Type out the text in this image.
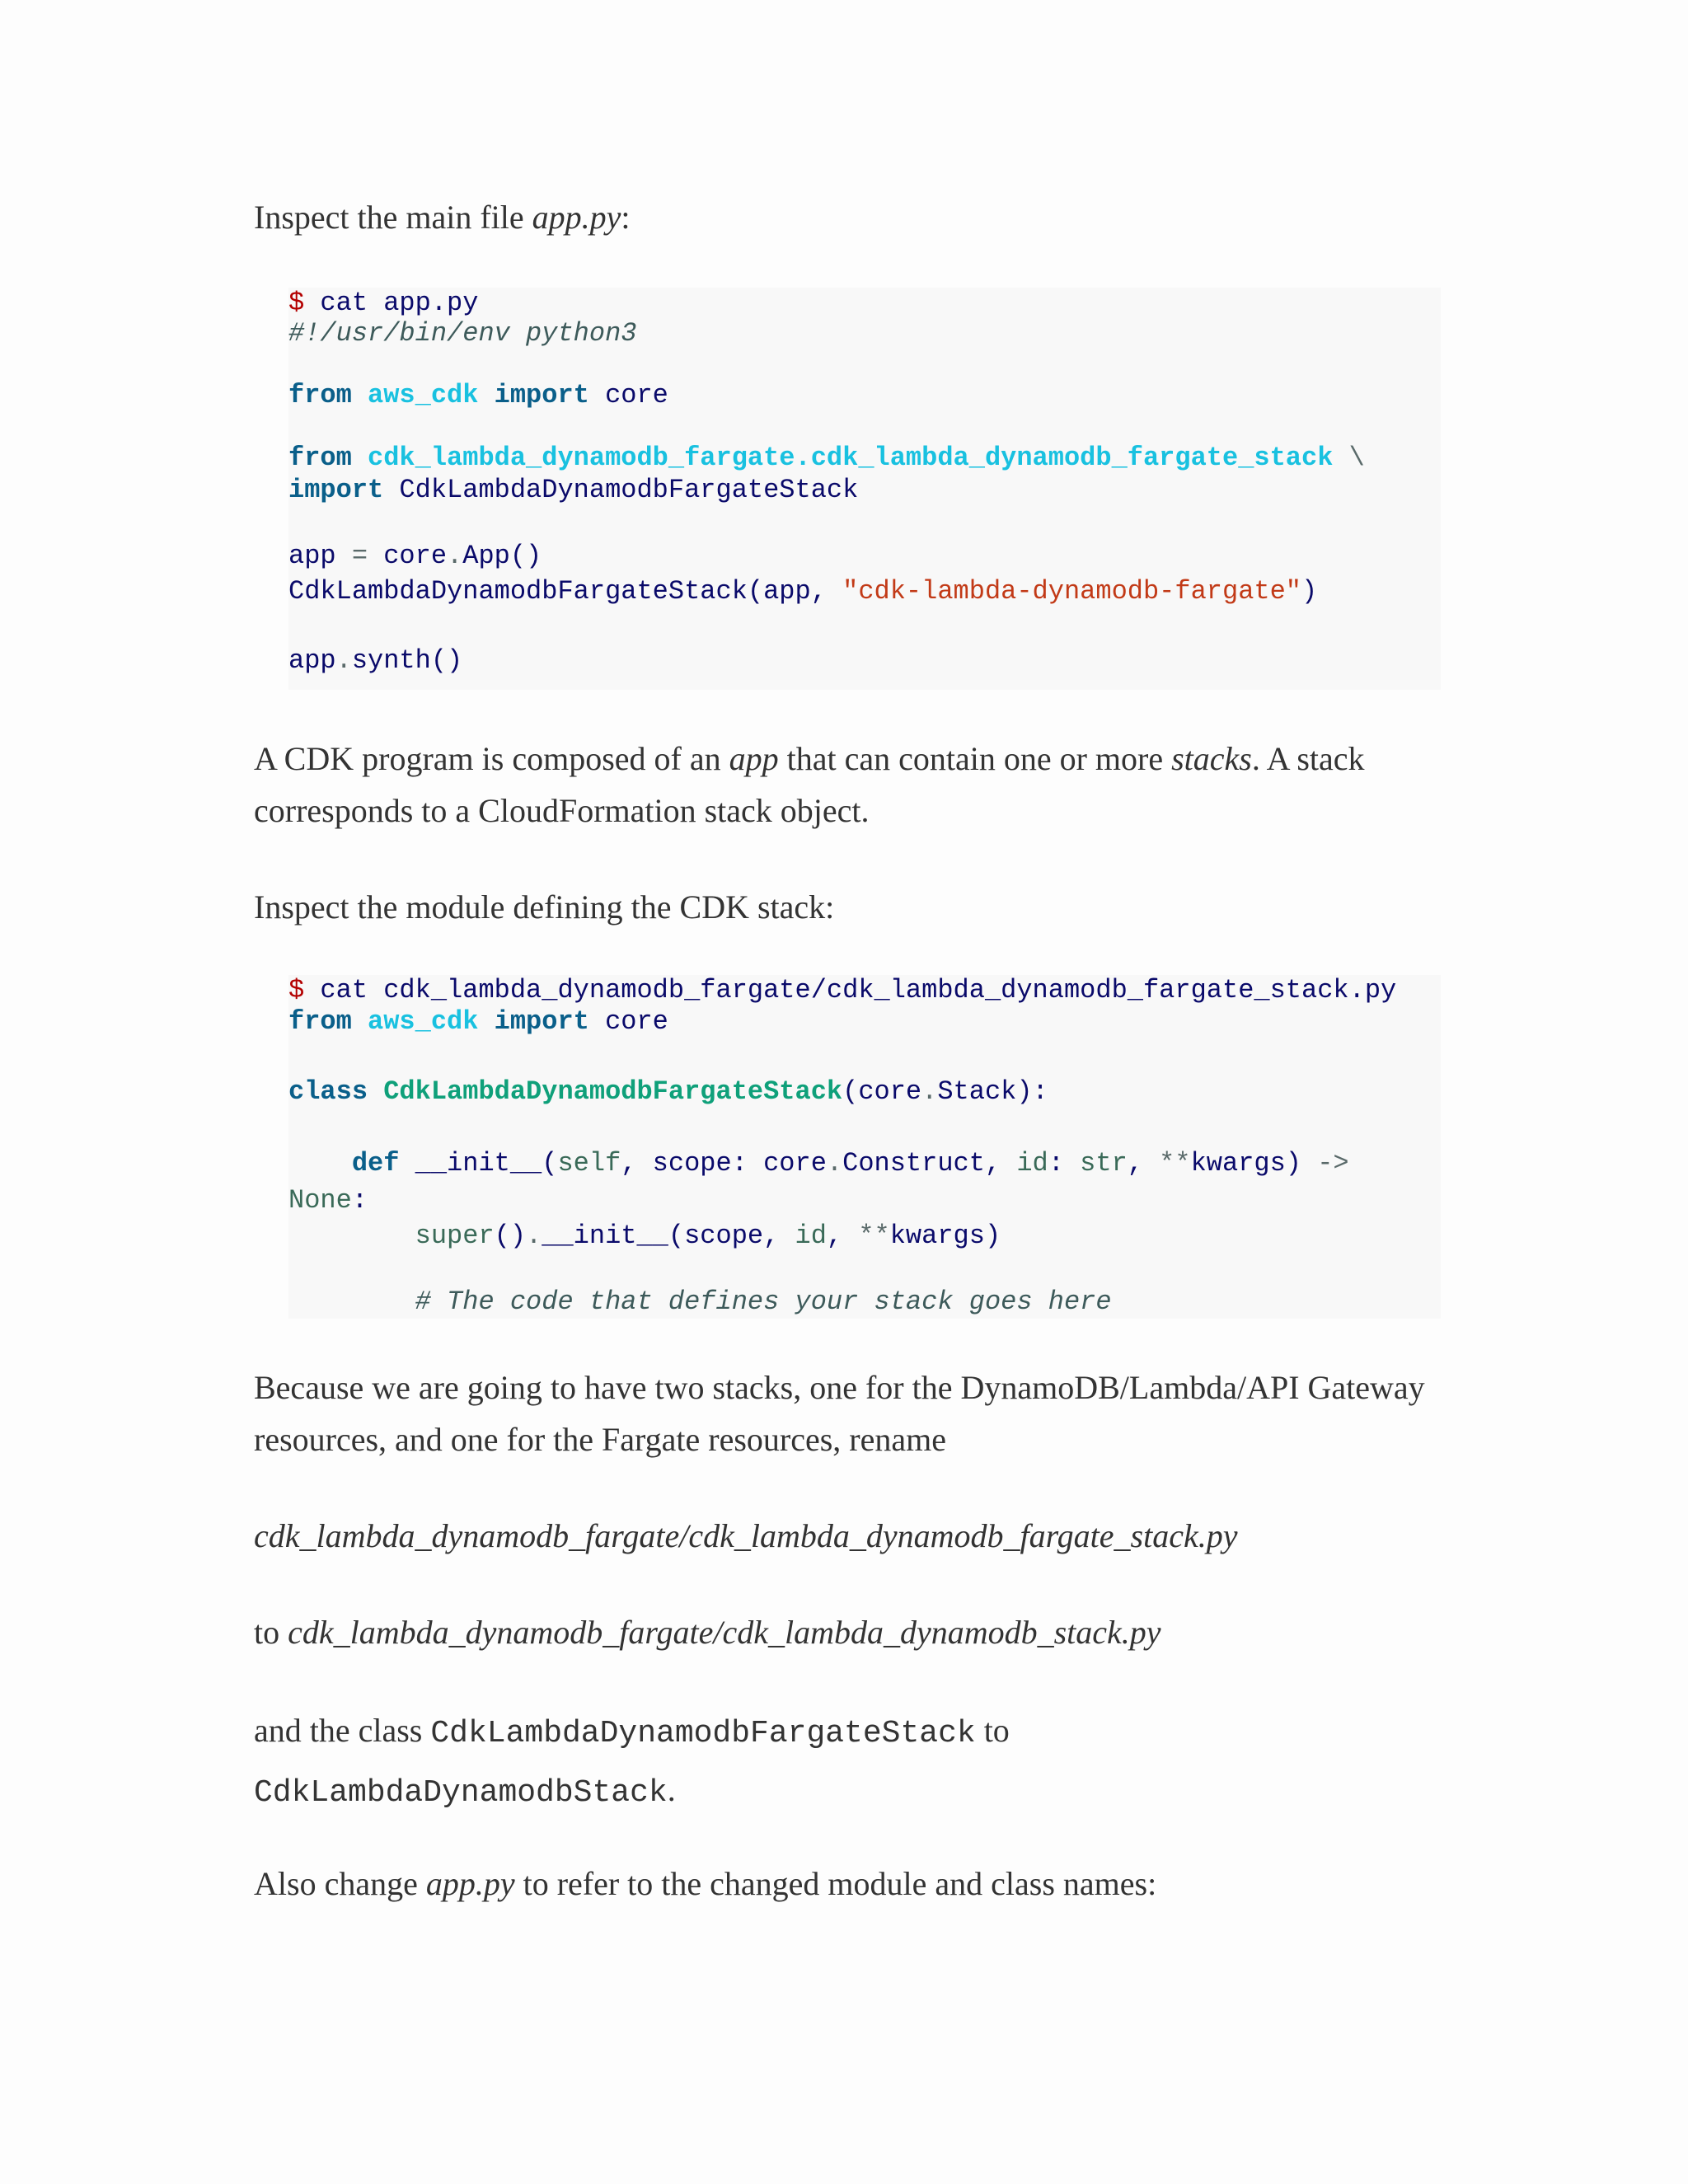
Inspect the main file app.py:

$ cat app.py
#!/usr/bin/env python3
from aws_cdk import core
from cdk_lambda_dynamodb_fargate.cdk_lambda_dynamodb_fargate_stack \
import CdkLambdaDynamodbFargateStack
app = core.App()
CdkLambdaDynamodbFargateStack(app, "cdk-lambda-dynamodb-fargate")
app.synth()

A CDK program is composed of an app that can contain one or more stacks. A stack corresponds to a CloudFormation stack object.

Inspect the module defining the CDK stack:

$ cat cdk_lambda_dynamodb_fargate/cdk_lambda_dynamodb_fargate_stack.py
from aws_cdk import core
class CdkLambdaDynamodbFargateStack(core.Stack):
def __init__(self, scope: core.Construct, id: str, **kwargs) ->
None:
super().__init__(scope, id, **kwargs)
# The code that defines your stack goes here

Because we are going to have two stacks, one for the DynamoDB/Lambda/API Gateway resources, and one for the Fargate resources, rename

cdk_lambda_dynamodb_fargate/cdk_lambda_dynamodb_fargate_stack.py

to cdk_lambda_dynamodb_fargate/cdk_lambda_dynamodb_stack.py

and the class CdkLambdaDynamodbFargateStack to
CdkLambdaDynamodbStack.

Also change app.py to refer to the changed module and class names:
